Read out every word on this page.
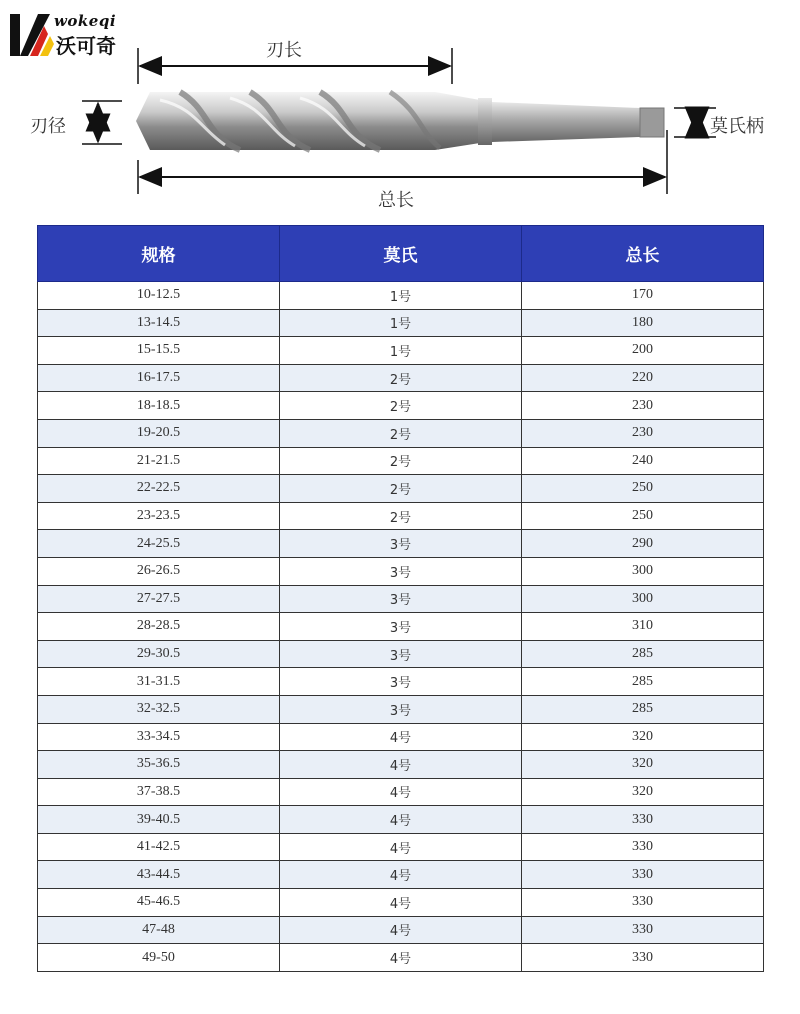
wokeqi
沃可奇	刃长
刃径	莫氏柄
总长
规格	莫氏	总长
10-12.5	1号	170
13-14.5	1号	180
15-15.5	1号	200
16-17.5	2号	220
18-18.5	2号	230
19-20.5	2号	230
21-21.5	2号	240
22-22.5	2号	250
23-23.5	2号	250
24-25.5	3号	290
26-26.5	3号	300
27-27.5	3号	300
28-28.5	3号	310
29-30.5	3号	285
31-31.5	3号	285
32-32.5	3号	285
33-34.5	4号	320
35-36.5	4号	320
37-38.5	4号	320
39-40.5	4号	330
41-42.5	4号	330
43-44.5	4号	330
45-46.5	4号	330
47-48	4号	330
49-50	4号	330
